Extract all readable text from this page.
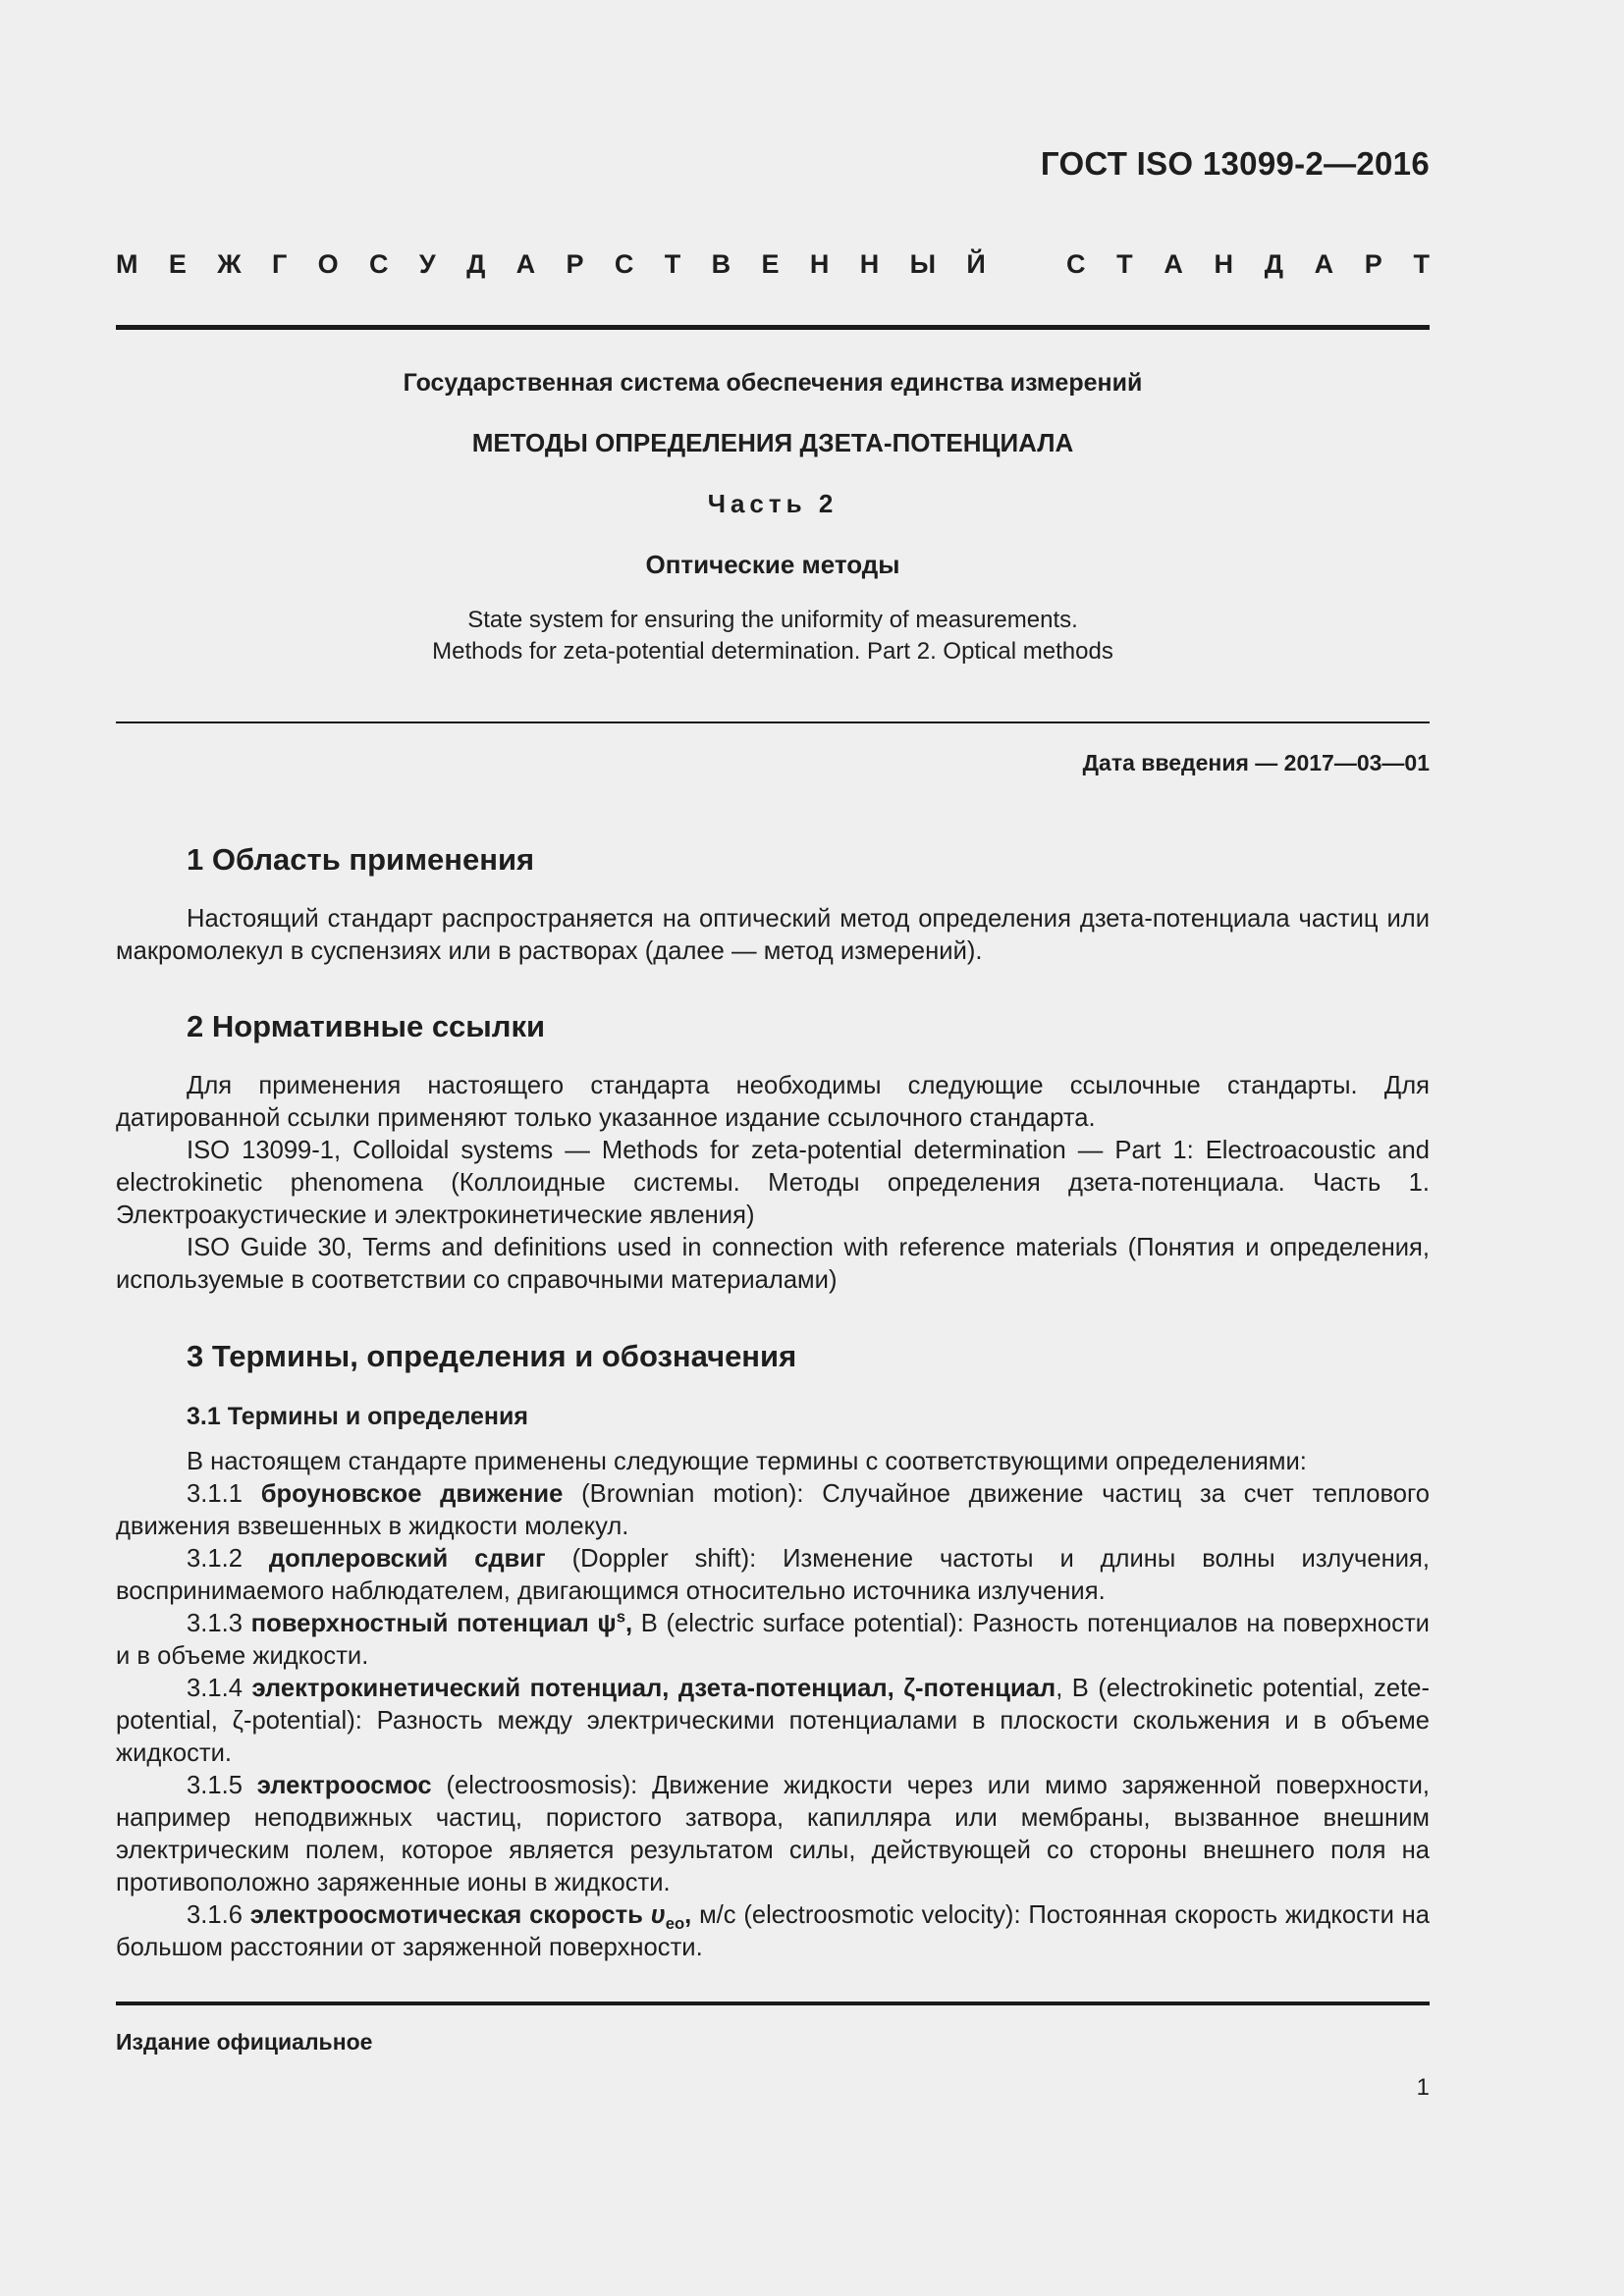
ГОСТ ISO 13099-2—2016
М Е Ж Г О С У Д А Р С Т В Е Н Н Ы Й	С Т А Н Д А Р Т
Государственная система обеспечения единства измерений
МЕТОДЫ ОПРЕДЕЛЕНИЯ ДЗЕТА-ПОТЕНЦИАЛА
Часть 2
Оптические методы
State system for ensuring the uniformity of measurements.
Methods for zeta-potential determination. Part 2. Optical methods
Дата введения — 2017—03—01
1 Область применения

Настоящий стандарт распространяется на оптический метод определения дзета-потенциала частиц или макромолекул в суспензиях или в растворах (далее — метод измерений).

2 Нормативные ссылки

Для применения настоящего стандарта необходимы следующие ссылочные стандарты. Для датированной ссылки применяют только указанное издание ссылочного стандарта.

ISO 13099-1, Colloidal systems — Methods for zeta-potential determination — Part 1: Electroacoustic and electrokinetic phenomena (Коллоидные системы. Методы определения дзета-потенциала. Часть 1. Электроакустические и электрокинетические явления)

ISO Guide 30, Terms and definitions used in connection with reference materials (Понятия и определения, используемые в соответствии со справочными материалами)

3 Термины, определения и обозначения
3.1 Термины и определения

В настоящем стандарте применены следующие термины с соответствующими определениями:

3.1.1 броуновское движение (Brownian motion): Случайное движение частиц за счет теплового движения взвешенных в жидкости молекул.

3.1.2 доплеровский сдвиг (Doppler shift): Изменение частоты и длины волны излучения, воспринимаемого наблюдателем, двигающимся относительно источника излучения.

3.1.3 поверхностный потенциал $\psi^s$, В (electric surface potential): Разность потенциалов на поверхности и в объеме жидкости.

3.1.4 электрокинетический потенциал, дзета-потенциал, ζ-потенциал, В (electrokinetic potential, zete-potential, ζ-potential): Разность между электрическими потенциалами в плоскости скольжения и в объеме жидкости.

3.1.5 электроосмос (electroosmosis): Движение жидкости через или мимо заряженной поверхности, например неподвижных частиц, пористого затвора, капилляра или мембраны, вызванное внешним электрическим полем, которое является результатом силы, действующей со стороны внешнего поля на противоположно заряженные ионы в жидкости.

3.1.6 электроосмотическая скорость $\upsilon_{eo}$, м/с (electroosmotic velocity): Постоянная скорость жидкости на большом расстоянии от заряженной поверхности.

Издание официальное
1
